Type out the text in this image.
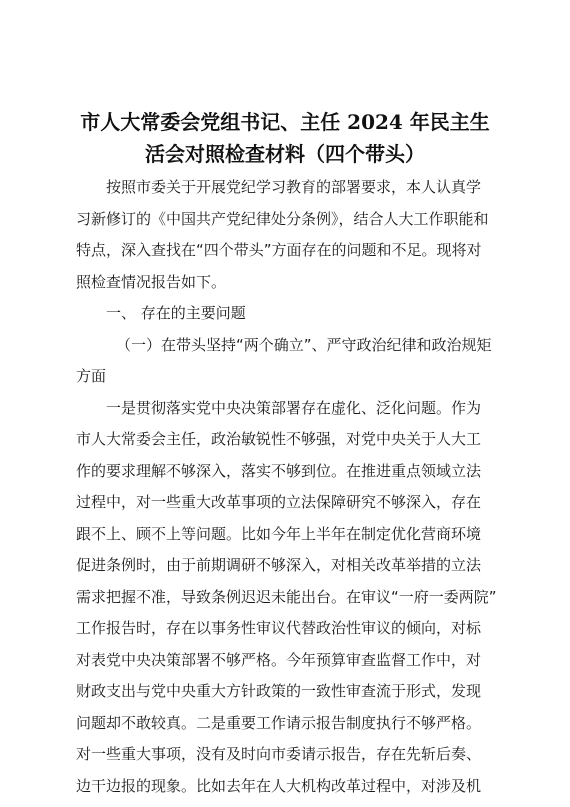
市人大常委会党组书记、主任 2024 年民主生
活会对照检查材料（四个带头）
按照市委关于开展党纪学习教育的部署要求，本人认真学
习新修订的《中国共产党纪律处分条例》，结合人大工作职能和
特点，深入查找在“四个带头”方面存在的问题和不足。现将对
照检查情况报告如下。
一、 存在的主要问题
（一）在带头坚持“两个确立”、严守政治纪律和政治规矩
方面
一是贯彻落实党中央决策部署存在虚化、泛化问题。作为
市人大常委会主任，政治敏锐性不够强，对党中央关于人大工
作的要求理解不够深入，落实不够到位。在推进重点领域立法
过程中，对一些重大改革事项的立法保障研究不够深入，存在
跟不上、顾不上等问题。比如今年上半年在制定优化营商环境
促进条例时，由于前期调研不够深入，对相关改革举措的立法
需求把握不准，导致条例迟迟未能出台。在审议“一府一委两院”
工作报告时，存在以事务性审议代替政治性审议的倾向，对标
对表党中央决策部署不够严格。今年预算审查监督工作中，对
财政支出与党中央重大方针政策的一致性审查流于形式，发现
问题却不敢较真。二是重要工作请示报告制度执行不够严格。
对一些重大事项，没有及时向市委请示报告，存在先斩后奏、
边干边报的现象。比如去年在人大机构改革过程中，对涉及机
